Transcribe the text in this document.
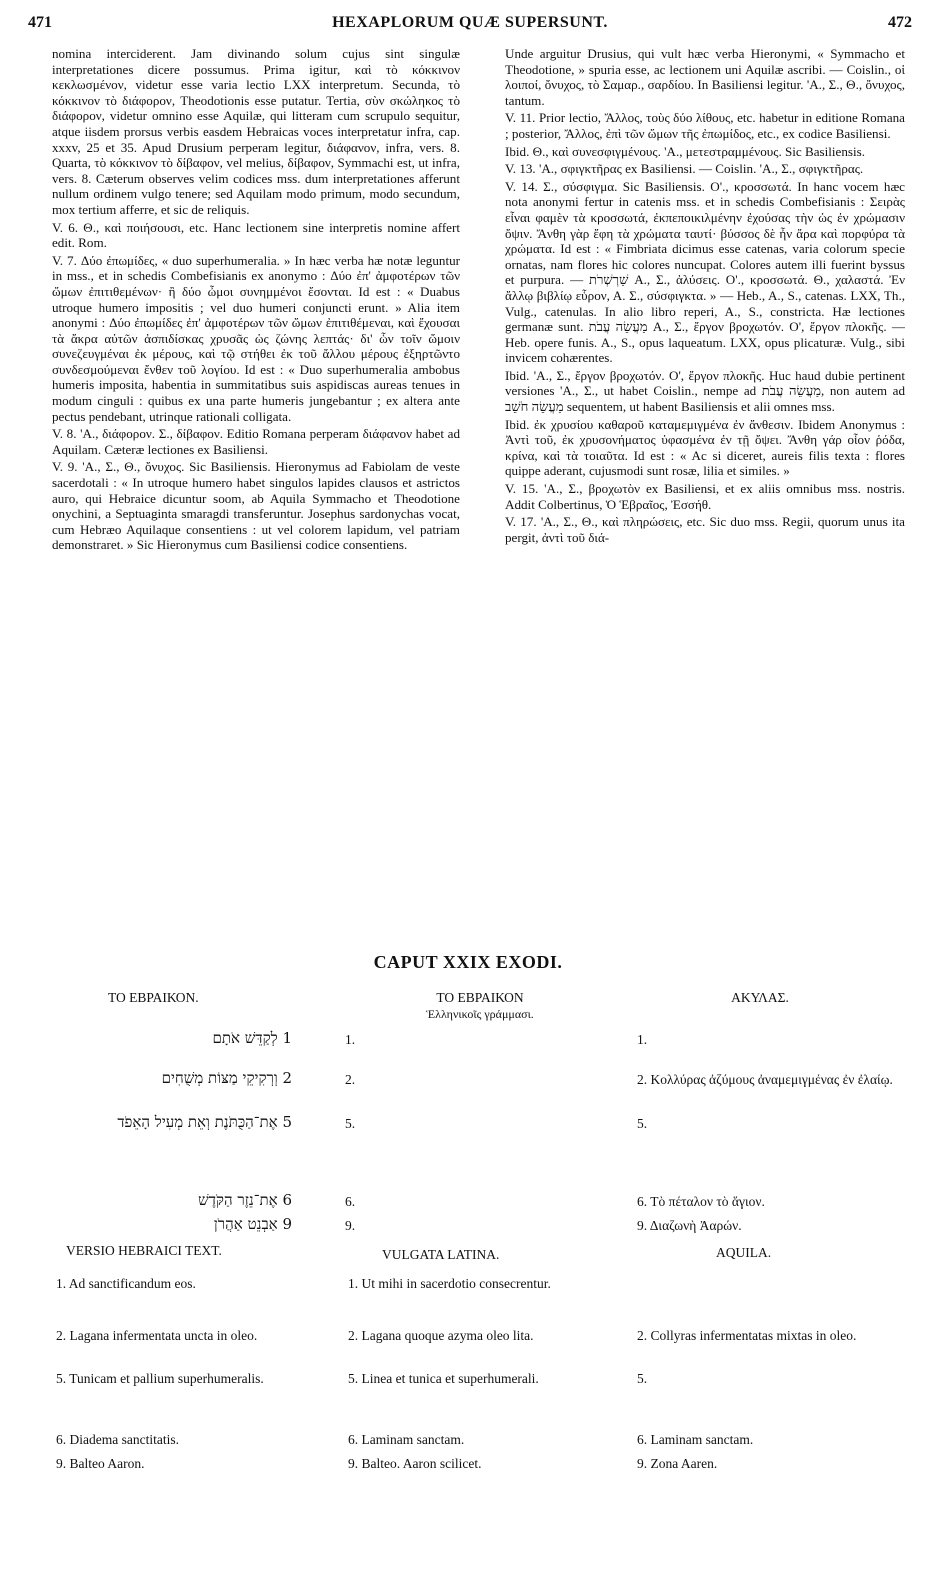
471	HEXAPLORUM QUÆ SUPERSUNT.	472

nomina interciderent. Jam divinando solum cujus sint singulæ interpretationes dicere possumus. Prima igitur, καὶ τὸ κόκκινον κεκλωσμένον, videtur esse varia lectio LXX interpretum. Secunda, τὸ κόκκινον τὸ διάφορον, Theodotionis esse putatur. Tertia, σὺν σκώληκος τὸ διάφορον, videtur omnino esse Aquilæ, qui litteram cum scrupulo sequitur, atque iisdem prorsus verbis easdem Hebraicas voces interpretatur infra, cap. xxxv, 25 et 35. Apud Drusium perperam legitur, διάφανον, infra, vers. 8. Quarta, τὸ κόκκινον τὸ δίβαφον, vel melius, δίβαφον, Symmachi est, ut infra, vers. 8. Cæterum observes velim codices mss. dum interpretationes afferunt nullum ordinem vulgo tenere; sed Aquilam modo primum, modo secundum, mox tertium afferre, et sic de reliquis.

V. 6. Θ., καὶ ποιήσουσι, etc. Hanc lectionem sine interpretis nomine affert edit. Rom.

V. 7. Δύο ἐπωμίδες, « duo superhumeralia. » In hæc verba hæ notæ leguntur in mss., et in schedis Combefisianis ex anonymo : Δύο ἐπ' ἀμφοτέρων τῶν ὤμων ἐπιτιθεμένων· ἢ δύο ὦμοι συνημμένοι ἔσονται. Id est : « Duabus utroque humero impositis ; vel duo humeri conjuncti erunt. » Alia item anonymi : Δύο ἐπωμίδες ἐπ' ἀμφοτέρων τῶν ὤμων ἐπιτιθέμεναι, καὶ ἔχουσαι τὰ ἄκρα αὐτῶν ἀσπιδίσκας χρυσᾶς ὡς ζώνης λεπτάς· δι' ὧν τοῖν ὤμοιν συνεζευγμέναι ἐκ μέρους, καὶ τῷ στήθει ἐκ τοῦ ἄλλου μέρους ἐξηρτῶντο συνδεσμούμεναι ἔνθεν τοῦ λογίου. Id est : « Duo superhumeralia ambobus humeris imposita, habentia in summitatibus suis aspidiscas aureas tenues in modum cinguli : quibus ex una parte humeris jungebantur ; ex altera ante pectus pendebant, utrinque rationali colligata.

V. 8. 'Α., διάφορον. Σ., δίβαφον. Editio Romana perperam διάφανον habet ad Aquilam. Cæteræ lectiones ex Basiliensi.

V. 9. 'Α., Σ., Θ., ὄνυχος. Sic Basiliensis. Hieronymus ad Fabiolam de veste sacerdotali : « In utroque humero habet singulos lapides clausos et astrictos auro, qui Hebraice dicuntur soom, ab Aquila Symmacho et Theodotione onychini, a Septuaginta smaragdi transferuntur. Josephus sardonychas vocat, cum Hebræo Aquilaque consentiens : ut vel colorem lapidum, vel patriam demonstraret. » Sic Hieronymus cum Basiliensi codice consentiens.

Unde arguitur Drusius, qui vult hæc verba Hieronymi, « Symmacho et Theodotione, » spuria esse, ac lectionem uni Aquilæ ascribi. — Coislin., οἱ λοιποί, ὄνυχος, τὸ Σαμαρ., σαρδίου. In Basiliensi legitur. 'Α., Σ., Θ., ὄνυχος, tantum.

V. 11. Prior lectio, Ἄλλος, τοὺς δύο λίθους, etc. habetur in editione Romana ; posterior, Ἄλλος, ἐπὶ τῶν ὤμων τῆς ἐπωμίδος, etc., ex codice Basiliensi.

Ibid. Θ., καὶ συνεσφιγμένους. 'Α., μετεστραμμένους. Sic Basiliensis.

V. 13. 'Α., σφιγκτῆρας ex Basiliensi. — Coislin. 'Α., Σ., σφιγκτῆρας.

V. 14. Σ., σύσφιγμα. Sic Basiliensis. Ο'., κροσσωτά. In hanc vocem hæc nota anonymi fertur in catenis mss. et in schedis Combefisianis : Σειρὰς εἶναι φαμὲν τὰ κροσσωτά, ἐκπεποικιλμένην ἐχούσας τὴν ὡς ἐν χρώμασιν ὄψιν. Ἄνθη γὰρ ἔφη τὰ χρώματα ταυτί· βύσσος δὲ ἦν ἄρα καὶ πορφύρα τὰ χρώματα. Id est : « Fimbriata dicimus esse catenas, varia colorum specie ornatas, nam flores hic colores nuncupat. Colores autem illi fuerint byssus et purpura. — שַׁרְשְׁרֹת Α., Σ., ἀλύσεις. Ο'., κροσσωτά. Θ., χαλαστά. Ἐν ἄλλῳ βιβλίῳ εὗρον, Α. Σ., σύσφιγκτα. » — Heb., A., S., catenas. LXX, Th., Vulg., catenulas. In alio libro reperi, A., S., constricta. Hæ lectiones germanæ sunt. מַעֲשֵׂה עֲבֹת A., Σ., ἔργον βροχωτόν. Ο', ἔργον πλοκῆς. — Heb. opere funis. A., S., opus laqueatum. LXX, opus plicaturæ. Vulg., sibi invicem cohærentes.

Ibid. 'Α., Σ., ἔργον βροχωτόν. Ο', ἔργον πλοκῆς. Huc haud dubie pertinent versiones 'Α., Σ., ut habet Coislin., nempe ad מַעֲשֵׂה עֲבֹת, non autem ad מַעֲשֵׂה חֹשֵׁב sequentem, ut habent Basiliensis et alii omnes mss.

Ibid. ἐκ χρυσίου καθαροῦ καταμεμιγμένα ἐν ἄνθεσιν. Ibidem Anonymus : Ἀντὶ τοῦ, ἐκ χρυσονήματος ὑφασμένα ἐν τῇ ὄψει. Ἄνθη γάρ οἷον ῥόδα, κρίνα, καὶ τὰ τοιαῦτα. Id est : « Ac si diceret, aureis filis texta : flores quippe aderant, cujusmodi sunt rosæ, lilia et similes. »

V. 15. 'Α., Σ., βροχωτὸν ex Basiliensi, et ex aliis omnibus mss. nostris. Addit Colbertinus, Ὁ Ἑβραῖος, Ἐσσήθ.

V. 17. 'Α., Σ., Θ., καὶ πληρώσεις, etc. Sic duo mss. Regii, quorum unus ita pergit, ἀντὶ τοῦ διά-

CAPUT XXIX EXODI.
ΤΟ ΕΒΡΑΙΚΟΝ.	ΤΟ ΕΒΡΑΙΚΟΝ
Ἑλληνικοῖς γράμμασι.
ΑΚΥΛΑΣ.
1 לְקַדֵּשׁ אֹתָם	1.	1.
2 וְרְקִיקֵי מַצּוֹת מְשֻׁחִים	2.	2. Κολλύρας ἀζύμους ἀναμεμιγμένας ἐν ἐλαίῳ.
5 אֶת־הַכֻּתֹּנֶת וְאֵת מְעִיל הָאֵפֹד	5.	5.
6 אֶת־נֵזֶר הַקֹּדֶשׁ	6.	6. Τὸ πέταλον τὸ ἅγιον.
9 אַבְנֵט אַהֲרֹן	9.	9. Διαζωνὴ Ἀαρών.
VERSIO HEBRAICI TEXT.	VULGATA LATINA.	AQUILA.
1. Ad sanctificandum eos.	1. Ut mihi in sacerdotio consecrentur.
2. Lagana infermentata uncta in oleo.	2. Lagana quoque azyma oleo lita.	2. Collyras infermentatas mixtas in oleo.
5. Tunicam et pallium superhumeralis.	5. Linea et tunica et superhumerali.	5.
6. Diadema sanctitatis.	6. Laminam sanctam.	6. Laminam sanctam.
9. Balteo Aaron.	9. Balteo. Aaron scilicet.	9. Zona Aaren.
